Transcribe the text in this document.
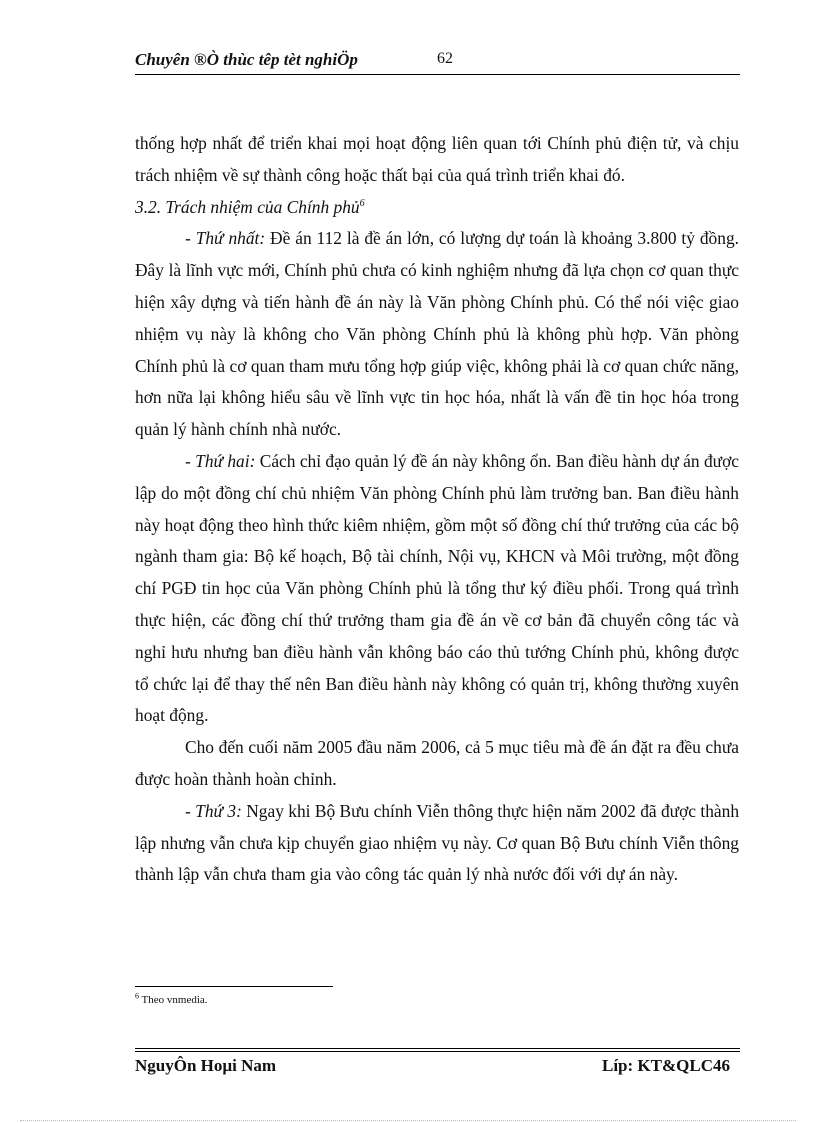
Chuyên ®Ò thùc têp tèt nghiÖp	62

thống hợp nhất để triển khai mọi hoạt động liên quan tới Chính phủ điện tử, và chịu trách nhiệm về sự thành công hoặc thất bại của quá trình triển khai đó.

3.2. Trách nhiệm của Chính phủ$^6$

- Thứ nhất: Đề án 112 là đề án lớn, có lượng dự toán là khoảng 3.800 tỷ đồng. Đây là lĩnh vực mới, Chính phủ chưa có kinh nghiệm nhưng đã lựa chọn cơ quan thực hiện xây dựng và tiến hành đề án này là Văn phòng Chính phủ. Có thể nói việc giao nhiệm vụ này là không cho Văn phòng Chính phủ là không phù hợp. Văn phòng Chính phủ là cơ quan tham mưu tổng hợp giúp việc, không phải là cơ quan chức năng, hơn nữa lại không hiểu sâu về lĩnh vực tin học hóa, nhất là vấn đề tin học hóa trong quản lý hành chính nhà nước.

- Thứ hai: Cách chỉ đạo quản lý đề án này không ổn. Ban điều hành dự án được lập do một đồng chí chủ nhiệm Văn phòng Chính phủ làm trưởng ban. Ban điều hành này hoạt động theo hình thức kiêm nhiệm, gồm một số đồng chí thứ trưởng của các bộ ngành tham gia: Bộ kế hoạch, Bộ tài chính, Nội vụ, KHCN và Môi trường, một đồng chí PGĐ tin học của Văn phòng Chính phủ là tổng thư ký điều phối. Trong quá trình thực hiện, các đồng chí thứ trưởng tham gia đề án về cơ bản đã chuyển công tác và nghỉ hưu nhưng ban điều hành vẫn không báo cáo thủ tướng Chính phủ, không được tổ chức lại để thay thế nên Ban điều hành này không có quản trị, không thường xuyên hoạt động.

Cho đến cuối năm 2005 đầu năm 2006, cả 5 mục tiêu mà đề án đặt ra đều chưa được hoàn thành hoàn chỉnh.

- Thứ 3: Ngay khi Bộ Bưu chính Viễn thông thực hiện năm 2002 đã được thành lập nhưng vẫn chưa kịp chuyển giao nhiệm vụ này. Cơ quan Bộ Bưu chính Viễn thông thành lập vẫn chưa tham gia vào công tác quản lý nhà nước đối với dự án này.

$^6$ Theo vnmedia.
NguyÔn Hoµi Nam	Líp: KT&QLC46
